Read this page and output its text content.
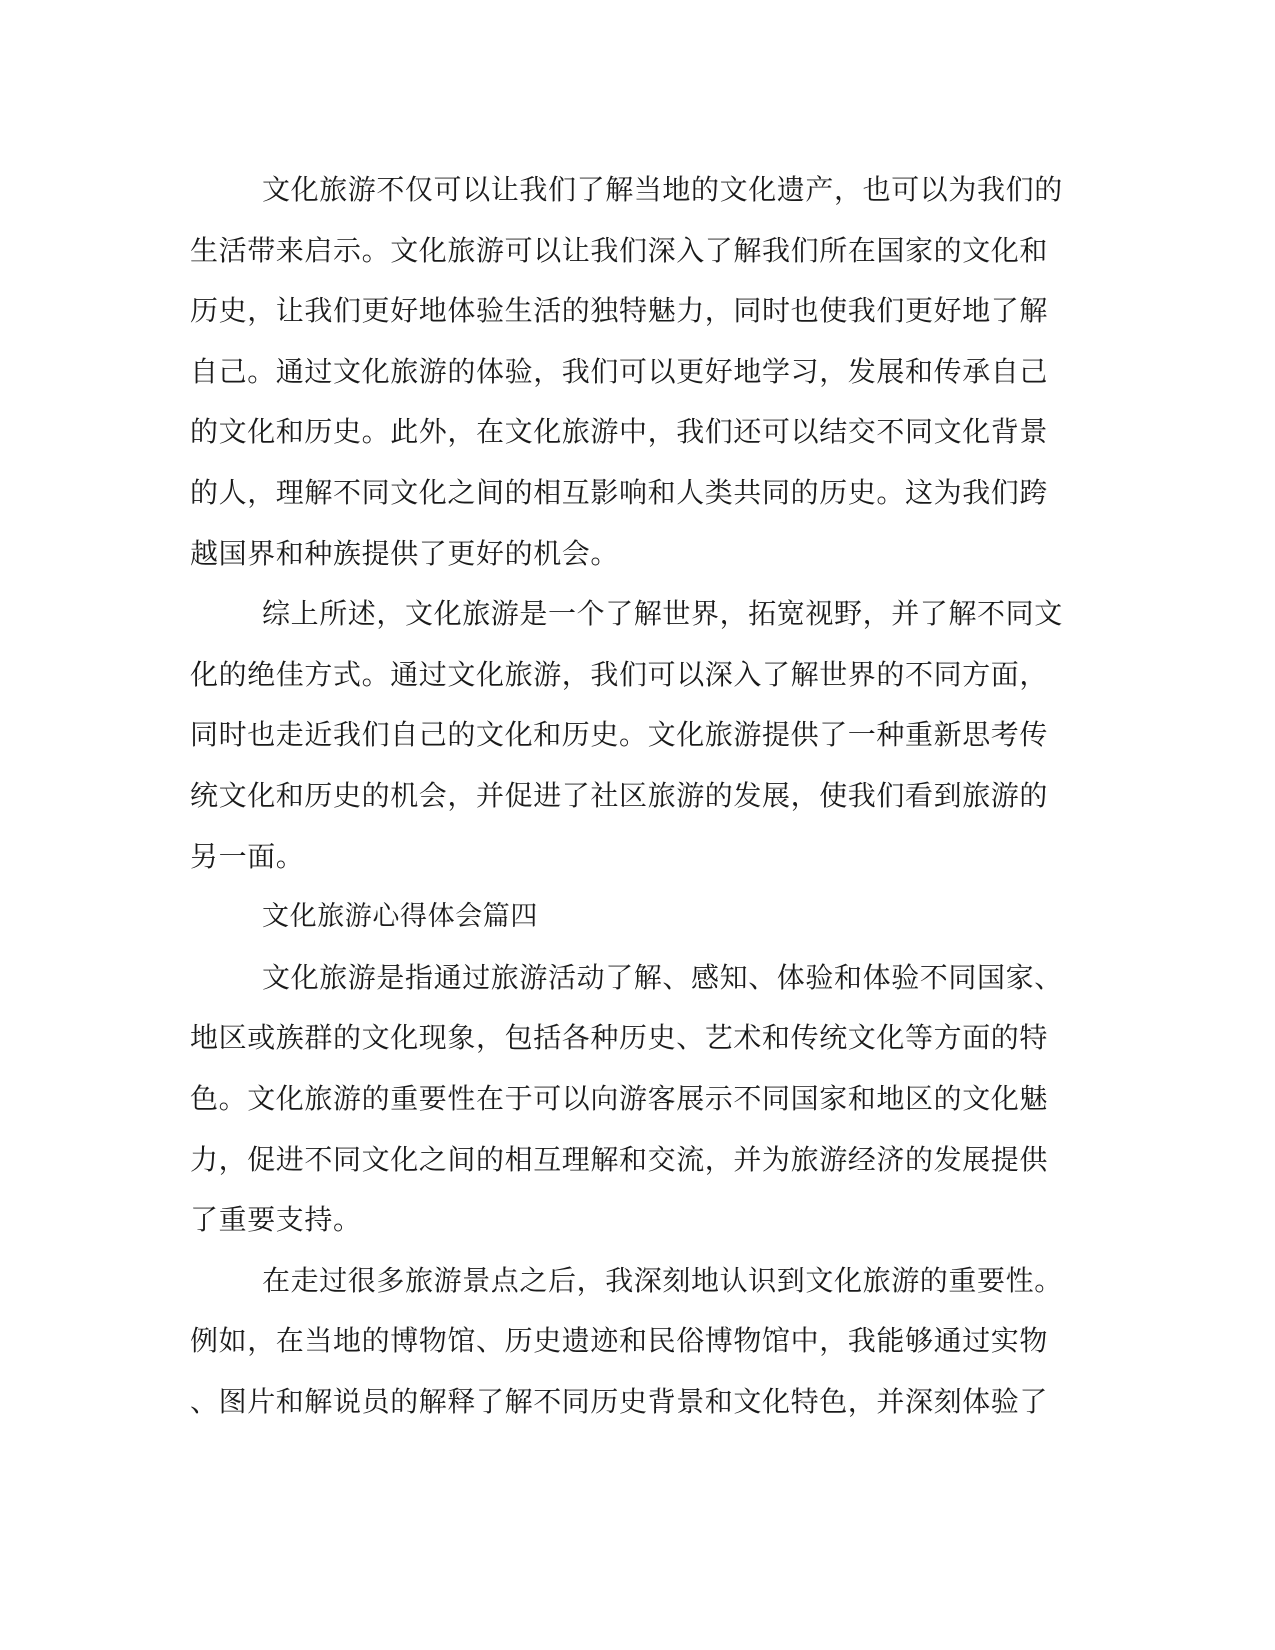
文化旅游不仅可以让我们了解当地的文化遗产，也可以为我们的
生活带来启示。文化旅游可以让我们深入了解我们所在国家的文化和
历史，让我们更好地体验生活的独特魅力，同时也使我们更好地了解
自己。通过文化旅游的体验，我们可以更好地学习，发展和传承自己
的文化和历史。此外，在文化旅游中，我们还可以结交不同文化背景
的人，理解不同文化之间的相互影响和人类共同的历史。这为我们跨
越国界和种族提供了更好的机会。
综上所述，文化旅游是一个了解世界，拓宽视野，并了解不同文
化的绝佳方式。通过文化旅游，我们可以深入了解世界的不同方面，
同时也走近我们自己的文化和历史。文化旅游提供了一种重新思考传
统文化和历史的机会，并促进了社区旅游的发展，使我们看到旅游的
另一面。
文化旅游心得体会篇四
文化旅游是指通过旅游活动了解、感知、体验和体验不同国家、
地区或族群的文化现象，包括各种历史、艺术和传统文化等方面的特
色。文化旅游的重要性在于可以向游客展示不同国家和地区的文化魅
力，促进不同文化之间的相互理解和交流，并为旅游经济的发展提供
了重要支持。
在走过很多旅游景点之后，我深刻地认识到文化旅游的重要性。
例如，在当地的博物馆、历史遗迹和民俗博物馆中，我能够通过实物
、图片和解说员的解释了解不同历史背景和文化特色，并深刻体验了
